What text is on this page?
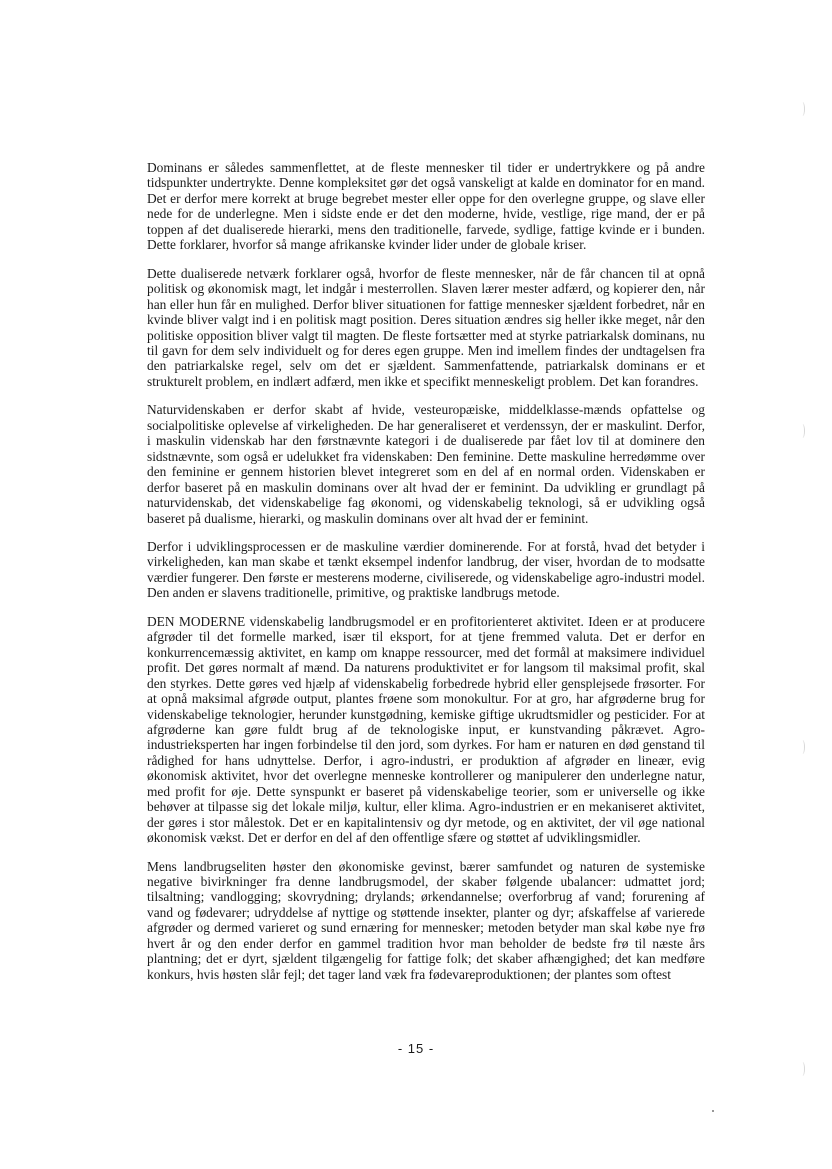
Dominans er således sammenflettet, at de fleste mennesker til tider er undertrykkere og på andre tidspunkter undertrykte. Denne kompleksitet gør det også vanskeligt at kalde en dominator for en mand. Det er derfor mere korrekt at bruge begrebet mester eller oppe for den overlegne gruppe, og slave eller nede for de underlegne. Men i sidste ende er det den moderne, hvide, vestlige, rige mand, der er på toppen af det dualiserede hierarki, mens den traditionelle, farvede, sydlige, fattige kvinde er i bunden. Dette forklarer, hvorfor så mange afrikanske kvinder lider under de globale kriser.

Dette dualiserede netværk forklarer også, hvorfor de fleste mennesker, når de får chancen til at opnå politisk og økonomisk magt, let indgår i mesterrollen. Slaven lærer mester adfærd, og kopierer den, når han eller hun får en mulighed. Derfor bliver situationen for fattige mennesker sjældent forbedret, når en kvinde bliver valgt ind i en politisk magt position. Deres situation ændres sig heller ikke meget, når den politiske opposition bliver valgt til magten. De fleste fortsætter med at styrke patriarkalsk dominans, nu til gavn for dem selv individuelt og for deres egen gruppe. Men ind imellem findes der undtagelsen fra den patriarkalske regel, selv om det er sjældent. Sammenfattende, patriarkalsk dominans er et strukturelt problem, en indlært adfærd, men ikke et specifikt menneskeligt problem. Det kan forandres.

Naturvidenskaben er derfor skabt af hvide, vesteuropæiske, middelklasse-mænds opfattelse og socialpolitiske oplevelse af virkeligheden. De har generaliseret et verdenssyn, der er maskulint. Derfor, i maskulin videnskab har den førstnævnte kategori i de dualiserede par fået lov til at dominere den sidstnævnte, som også er udelukket fra videnskaben: Den feminine. Dette maskuline herredømme over den feminine er gennem historien blevet integreret som en del af en normal orden. Videnskaben er derfor baseret på en maskulin dominans over alt hvad der er feminint. Da udvikling er grundlagt på naturvidenskab, det videnskabelige fag økonomi, og videnskabelig teknologi, så er udvikling også baseret på dualisme, hierarki, og maskulin dominans over alt hvad der er feminint.

Derfor i udviklingsprocessen er de maskuline værdier dominerende. For at forstå, hvad det betyder i virkeligheden, kan man skabe et tænkt eksempel indenfor landbrug, der viser, hvordan de to modsatte værdier fungerer. Den første er mesterens moderne, civiliserede, og videnskabelige agro-industri model. Den anden er slavens traditionelle, primitive, og praktiske landbrugs metode.

DEN MODERNE videnskabelig landbrugsmodel er en profitorienteret aktivitet. Ideen er at producere afgrøder til det formelle marked, især til eksport, for at tjene fremmed valuta. Det er derfor en konkurrencemæssig aktivitet, en kamp om knappe ressourcer, med det formål at maksimere individuel profit. Det gøres normalt af mænd. Da naturens produktivitet er for langsom til maksimal profit, skal den styrkes. Dette gøres ved hjælp af videnskabelig forbedrede hybrid eller gensplejsede frøsorter. For at opnå maksimal afgrøde output, plantes frøene som monokultur. For at gro, har afgrøderne brug for videnskabelige teknologier, herunder kunstgødning, kemiske giftige ukrudtsmidler og pesticider. For at afgrøderne kan gøre fuldt brug af de teknologiske input, er kunstvanding påkrævet. Agro-industrieksperten har ingen forbindelse til den jord, som dyrkes. For ham er naturen en død genstand til rådighed for hans udnyttelse. Derfor, i agro-industri, er produktion af afgrøder en lineær, evig økonomisk aktivitet, hvor det overlegne menneske kontrollerer og manipulerer den underlegne natur, med profit for øje. Dette synspunkt er baseret på videnskabelige teorier, som er universelle og ikke behøver at tilpasse sig det lokale miljø, kultur, eller klima. Agro-industrien er en mekaniseret aktivitet, der gøres i stor målestok. Det er en kapitalintensiv og dyr metode, og en aktivitet, der vil øge national økonomisk vækst. Det er derfor en del af den offentlige sfære og støttet af udviklingsmidler.

Mens landbrugseliten høster den økonomiske gevinst, bærer samfundet og naturen de systemiske negative bivirkninger fra denne landbrugsmodel, der skaber følgende ubalancer: udmattet jord; tilsaltning; vandlogging; skovrydning; drylands; ørkendannelse; overforbrug af vand; forurening af vand og fødevarer; udryddelse af nyttige og støttende insekter, planter og dyr; afskaffelse af varierede afgrøder og dermed varieret og sund ernæring for mennesker; metoden betyder man skal købe nye frø hvert år og den ender derfor en gammel tradition hvor man beholder de bedste frø til næste års plantning; det er dyrt, sjældent tilgængelig for fattige folk; det skaber afhængighed; det kan medføre konkurs, hvis høsten slår fejl; det tager land væk fra fødevareproduktionen; der plantes som oftest

- 15 -
